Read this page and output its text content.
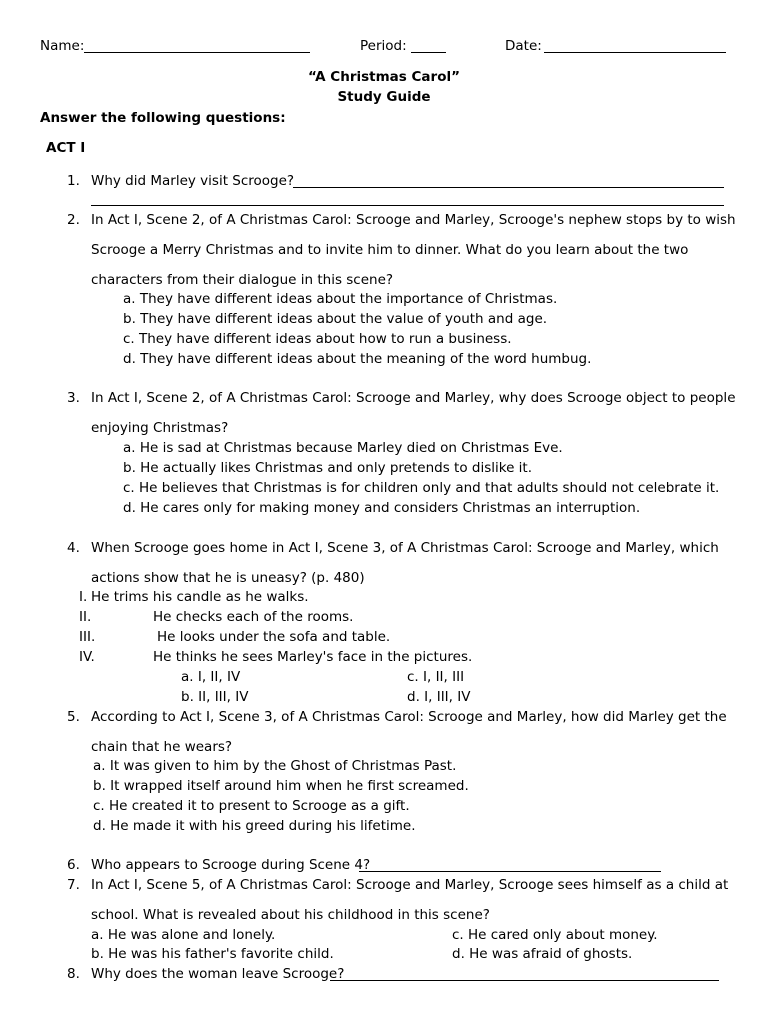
Name:	Period:	Date:
“A Christmas Carol”
Study Guide
Answer the following questions:
ACT I
1. Why did Marley visit Scrooge?
2. In Act I, Scene 2, of A Christmas Carol: Scrooge and Marley, Scrooge's nephew stops by to wish
Scrooge a Merry Christmas and to invite him to dinner. What do you learn about the two
characters from their dialogue in this scene?
a. They have different ideas about the importance of Christmas.
b. They have different ideas about the value of youth and age.
c. They have different ideas about how to run a business.
d. They have different ideas about the meaning of the word humbug.
3. In Act I, Scene 2, of A Christmas Carol: Scrooge and Marley, why does Scrooge object to people
enjoying Christmas?
a. He is sad at Christmas because Marley died on Christmas Eve.
b. He actually likes Christmas and only pretends to dislike it.
c. He believes that Christmas is for children only and that adults should not celebrate it.
d. He cares only for making money and considers Christmas an interruption.
4. When Scrooge goes home in Act I, Scene 3, of A Christmas Carol: Scrooge and Marley, which
actions show that he is uneasy? (p. 480)
I. He trims his candle as he walks.
II.	He checks each of the rooms.
III.	He looks under the sofa and table.
IV.	He thinks he sees Marley's face in the pictures.
a. I, II, IV	c. I, II, III
b. II, III, IV	d. I, III, IV
5. According to Act I, Scene 3, of A Christmas Carol: Scrooge and Marley, how did Marley get the
chain that he wears?
a. It was given to him by the Ghost of Christmas Past.
b. It wrapped itself around him when he first screamed.
c. He created it to present to Scrooge as a gift.
d. He made it with his greed during his lifetime.
6. Who appears to Scrooge during Scene 4?
7. In Act I, Scene 5, of A Christmas Carol: Scrooge and Marley, Scrooge sees himself as a child at
school. What is revealed about his childhood in this scene?
a. He was alone and lonely.	c. He cared only about money.
b. He was his father's favorite child.	d. He was afraid of ghosts.
8. Why does the woman leave Scrooge?
